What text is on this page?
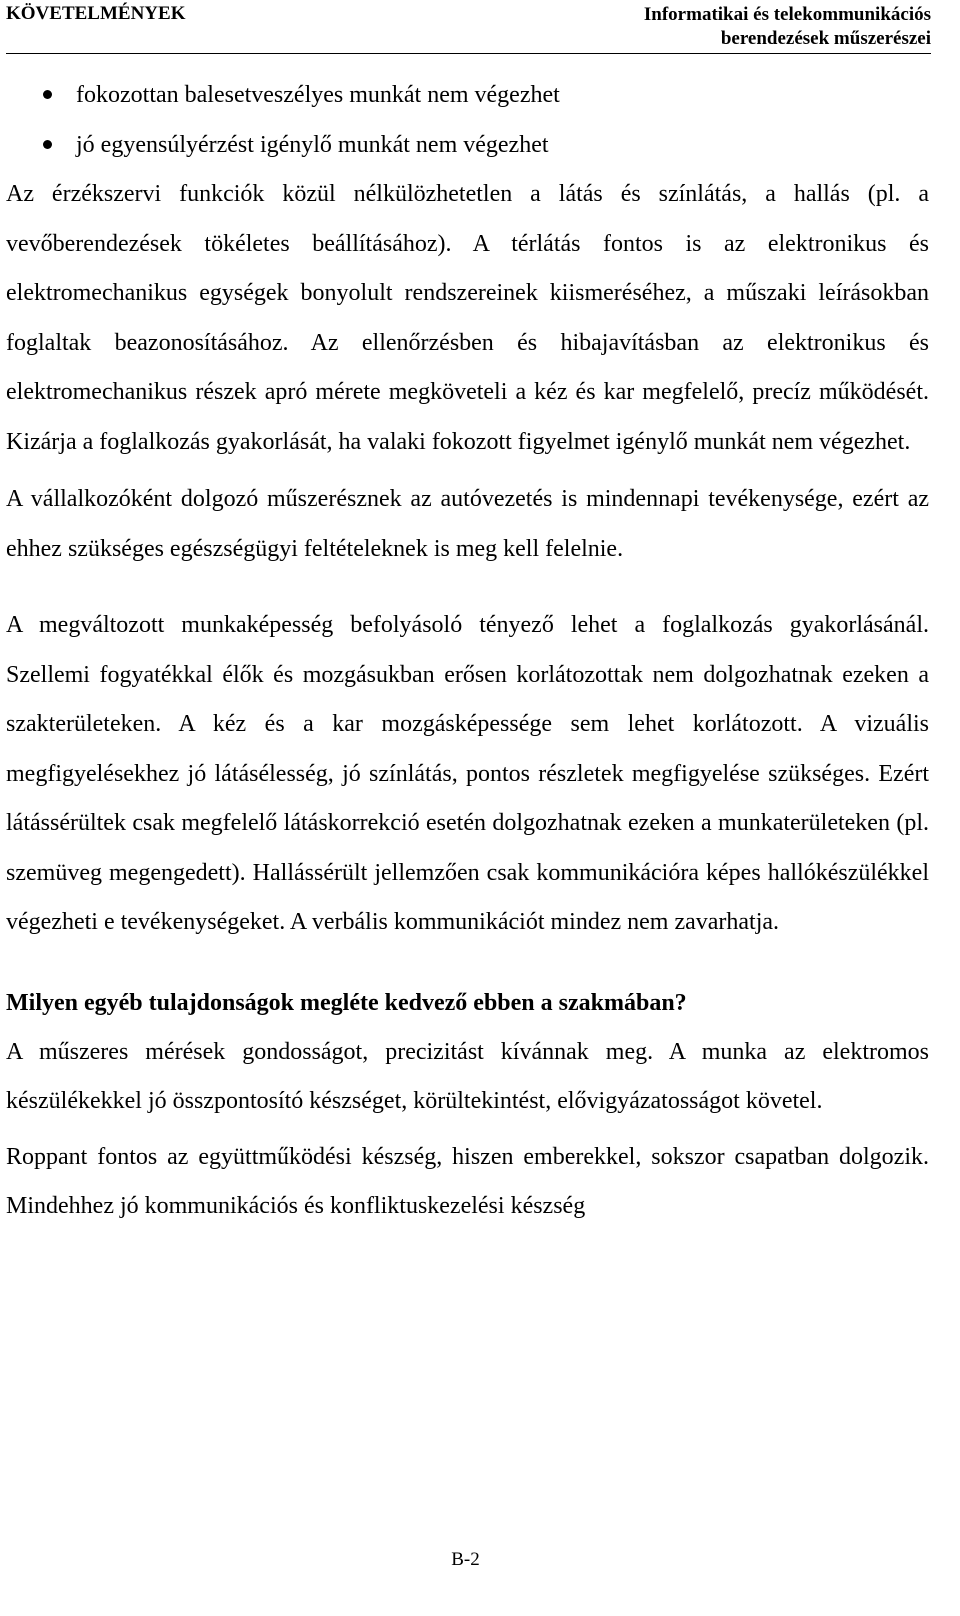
KÖVETELMÉNYEK	Informatikai és telekommunikációs
berendezések műszerészei
fokozottan balesetveszélyes munkát nem végezhet
jó egyensúlyérzést igénylő munkát nem végezhet

Az érzékszervi funkciók közül nélkülözhetetlen a látás és színlátás, a hallás (pl. a vevőberendezések tökéletes beállításához). A térlátás fontos is az elektronikus és elektromechanikus egységek bonyolult rendszereinek kiismeréséhez, a műszaki leírásokban foglaltak beazonosításához. Az ellenőrzésben és hibajavításban az elektronikus és elektromechanikus részek apró mérete megköveteli a kéz és kar megfelelő, precíz működését. Kizárja a foglalkozás gyakorlását, ha valaki fokozott figyelmet igénylő munkát nem végezhet.

A vállalkozóként dolgozó műszerésznek az autóvezetés is mindennapi tevékenysége, ezért az ehhez szükséges egészségügyi feltételeknek is meg kell felelnie.

A megváltozott munkaképesség befolyásoló tényező lehet a foglalkozás gyakorlásánál. Szellemi fogyatékkal élők és mozgásukban erősen korlátozottak nem dolgozhatnak ezeken a szakterületeken. A kéz és a kar mozgásképessége sem lehet korlátozott. A vizuális megfigyelésekhez jó látásélesség, jó színlátás, pontos részletek megfigyelése szükséges. Ezért látássérültek csak megfelelő látáskorrekció esetén dolgozhatnak ezeken a munkaterületeken (pl. szemüveg megengedett). Hallássérült jellemzően csak kommunikációra képes hallókészülékkel végezheti e tevékenységeket. A verbális kommunikációt mindez nem zavarhatja.

Milyen egyéb tulajdonságok megléte kedvező ebben a szakmában?

A műszeres mérések gondosságot, precizitást kívánnak meg. A munka az elektromos készülékekkel jó összpontosító készséget, körültekintést, elővigyázatosságot követel.

Roppant fontos az együttműködési készség, hiszen emberekkel, sokszor csapatban dolgozik. Mindehhez jó kommunikációs és konfliktuskezelési készség

B-2
